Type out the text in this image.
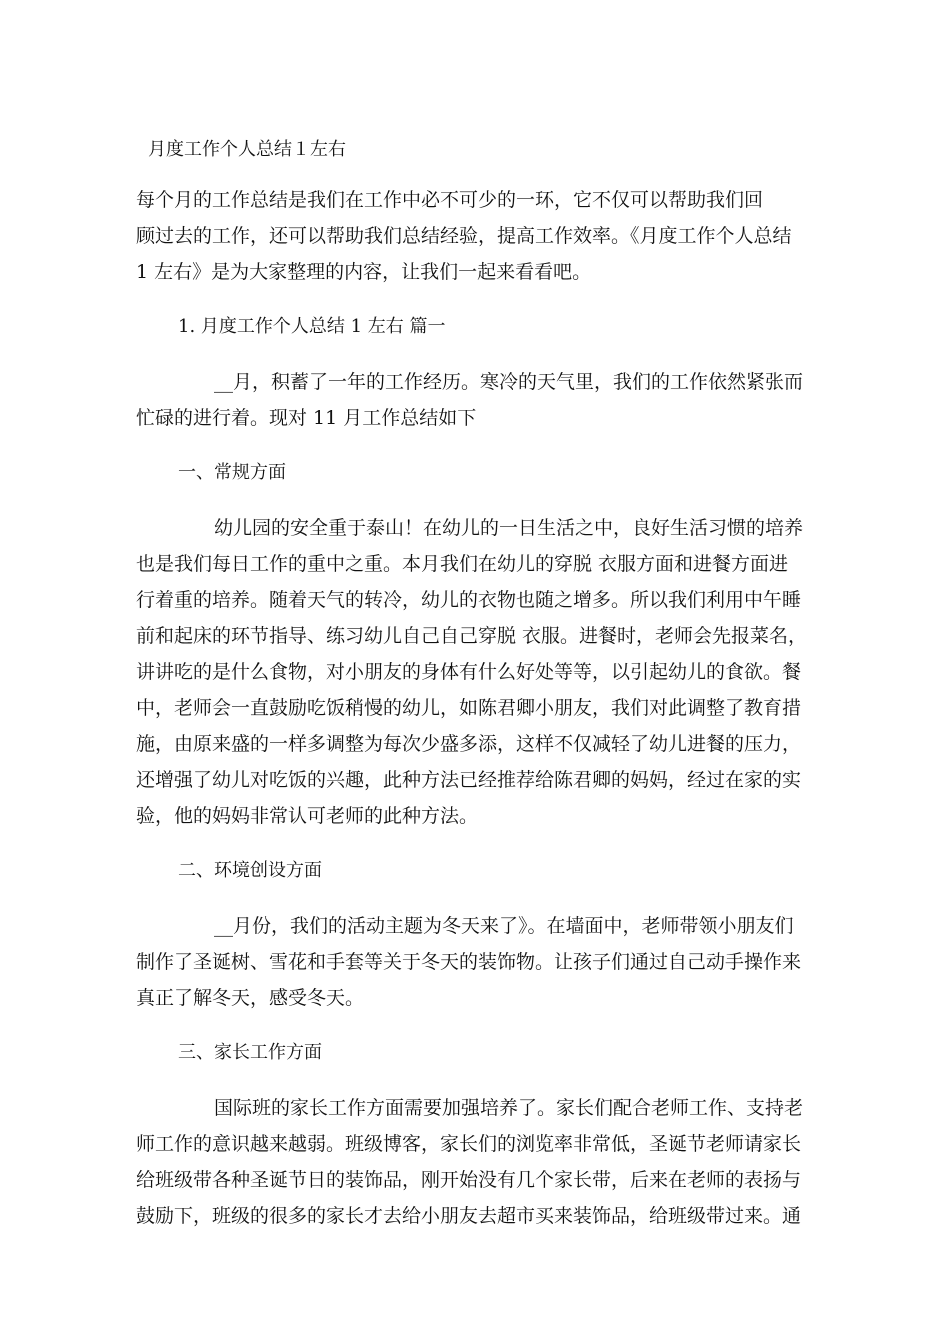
月度工作个人总结１左右
每个月的工作总结是我们在工作中必不可少的一环，它不仅可以帮助我们回
顾过去的工作，还可以帮助我们总结经验，提高工作效率。《月度工作个人总结
1 左右》是为大家整理的内容，让我们一起来看看吧。
1. 月度工作个人总结 1 左右 篇一
__月，积蓄了一年的工作经历。寒冷的天气里，我们的工作依然紧张而
忙碌的进行着。现对 11 月工作总结如下
一、常规方面
幼儿园的安全重于泰山！在幼儿的一日生活之中，良好生活习惯的培养
也是我们每日工作的重中之重。本月我们在幼儿的穿脱 衣服方面和进餐方面进
行着重的培养。随着天气的转冷，幼儿的衣物也随之增多。所以我们利用中午睡
前和起床的环节指导、练习幼儿自己自己穿脱 衣服。进餐时，老师会先报菜名，
讲讲吃的是什么食物，对小朋友的身体有什么好处等等，以引起幼儿的食欲。餐
中，老师会一直鼓励吃饭稍慢的幼儿，如陈君卿小朋友，我们对此调整了教育措
施，由原来盛的一样多调整为每次少盛多添，这样不仅减轻了幼儿进餐的压力，
还增强了幼儿对吃饭的兴趣，此种方法已经推荐给陈君卿的妈妈，经过在家的实
验，他的妈妈非常认可老师的此种方法。
二、环境创设方面
__月份，我们的活动主题为冬天来了》。在墙面中，老师带领小朋友们
制作了圣诞树、雪花和手套等关于冬天的装饰物。让孩子们通过自己动手操作来
真正了解冬天，感受冬天。
三、家长工作方面
国际班的家长工作方面需要加强培养了。家长们配合老师工作、支持老
师工作的意识越来越弱。班级博客，家长们的浏览率非常低，圣诞节老师请家长
给班级带各种圣诞节日的装饰品，刚开始没有几个家长带，后来在老师的表扬与
鼓励下，班级的很多的家长才去给小朋友去超市买来装饰品，给班级带过来。通
